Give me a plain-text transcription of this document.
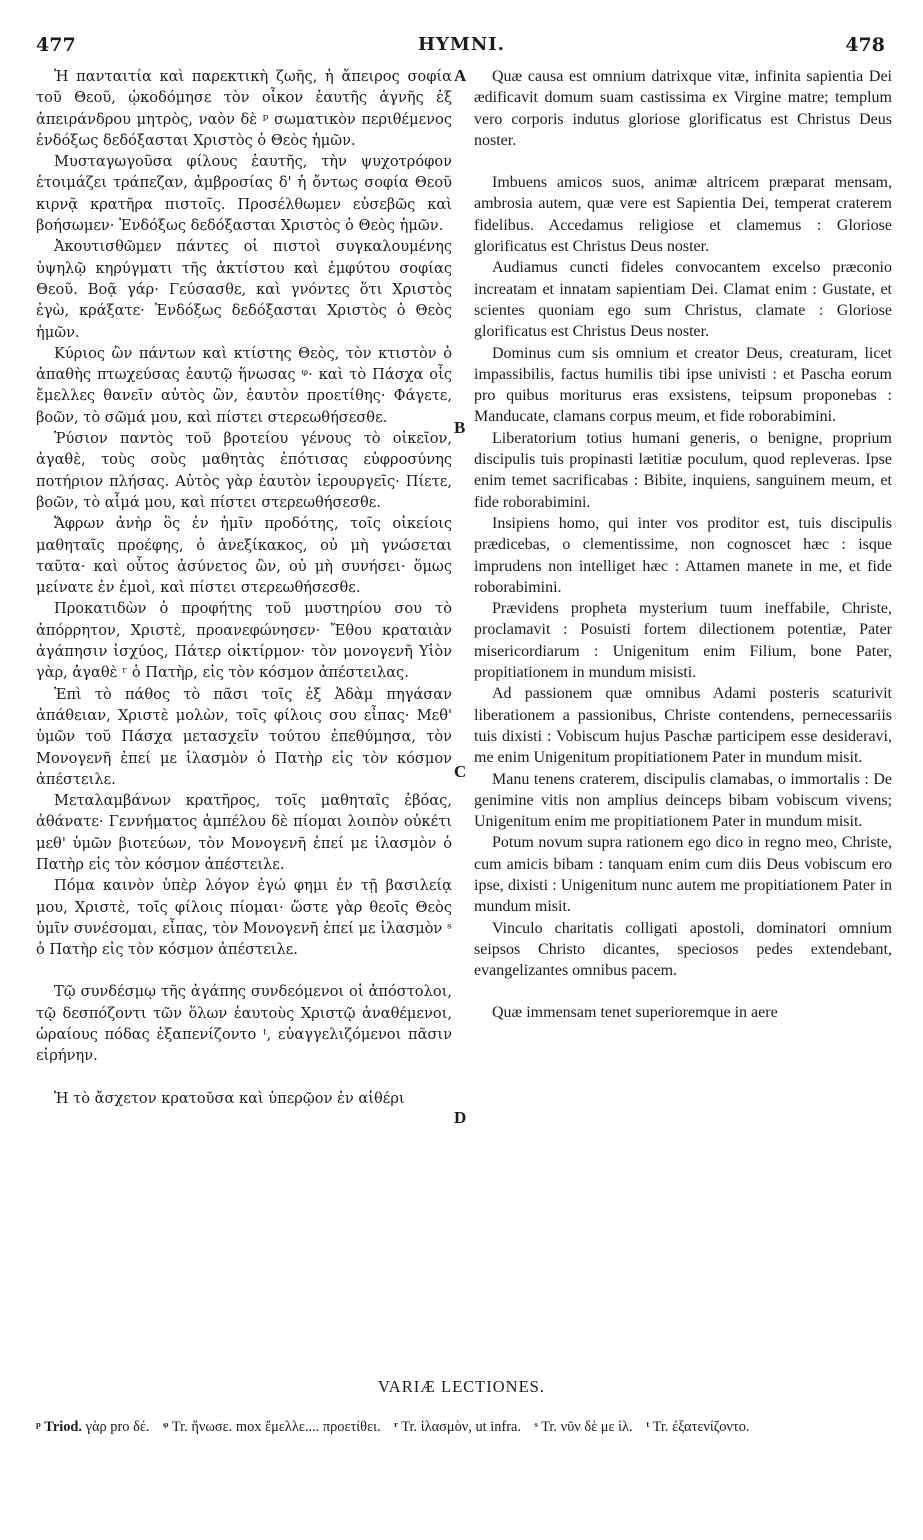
477	HYMNI.	478
A
B
C
D

Ἡ πανταιτία καὶ παρεκτικὴ ζωῆς, ἡ ἄπειρος σοφία τοῦ Θεοῦ, ᾠκοδόμησε τὸν οἶκον ἑαυτῆς ἁγνῆς ἐξ ἀπειράνδρου μητρὸς, ναὸν δὲ ᵖ σωματικὸν περιθέμενος ἐνδόξως δεδόξασται Χριστὸς ὁ Θεὸς ἡμῶν.

Μυσταγωγοῦσα φίλους ἑαυτῆς, τὴν ψυχοτρόφον ἑτοιμάζει τράπεζαν, ἀμβροσίας δ' ἡ ὄντως σοφία Θεοῦ κιρνᾷ κρατῆρα πιστοῖς. Προσέλθωμεν εὐσεβῶς καὶ βοήσωμεν· Ἐνδόξως δεδόξασται Χριστὸς ὁ Θεὸς ἡμῶν.

Ἀκουτισθῶμεν πάντες οἱ πιστοὶ συγκαλουμένης ὑψηλῷ κηρύγματι τῆς ἀκτίστου καὶ ἐμφύτου σοφίας Θεοῦ. Βοᾷ γάρ· Γεύσασθε, καὶ γνόντες ὅτι Χριστὸς ἐγὼ, κράξατε· Ἐνδόξως δεδόξασται Χριστὸς ὁ Θεὸς ἡμῶν.

Κύριος ὢν πάντων καὶ κτίστης Θεὸς, τὸν κτιστὸν ὁ ἀπαθὴς πτωχεύσας ἑαυτῷ ἥνωσας ᵠ· καὶ τὸ Πάσχα οἷς ἔμελλες θανεῖν αὐτὸς ὢν, ἑαυτὸν προετίθης· Φάγετε, βοῶν, τὸ σῶμά μου, καὶ πίστει στερεωθήσεσθε.

Ῥύσιον παντὸς τοῦ βροτείου γένους τὸ οἰκεῖον, ἀγαθὲ, τοὺς σοὺς μαθητὰς ἐπότισας εὐφροσύνης ποτήριον πλήσας. Αὐτὸς γὰρ ἑαυτὸν ἱερουργεῖς· Πίετε, βοῶν, τὸ αἷμά μου, καὶ πίστει στερεωθήσεσθε.

Ἄφρων ἀνὴρ ὃς ἐν ἡμῖν προδότης, τοῖς οἰκείοις μαθηταῖς προέφης, ὁ ἀνεξίκακος, οὐ μὴ γνώσεται ταῦτα· καὶ οὗτος ἀσύνετος ὢν, οὐ μὴ συνήσει· ὅμως μείνατε ἐν ἐμοὶ, καὶ πίστει στερεωθήσεσθε.

Προκατιδὼν ὁ προφήτης τοῦ μυστηρίου σου τὸ ἀπόρρητον, Χριστὲ, προανεφώνησεν· Ἔθου κραταιὰν ἀγάπησιν ἰσχύος, Πάτερ οἰκτίρμον· τὸν μονογενῆ Υἱὸν γὰρ, ἀγαθὲ ʳ ὁ Πατὴρ, εἰς τὸν κόσμον ἀπέστειλας.

Ἐπὶ τὸ πάθος τὸ πᾶσι τοῖς ἐξ Ἀδὰμ πηγάσαν ἀπάθειαν, Χριστὲ μολὼν, τοῖς φίλοις σου εἶπας· Μεθ' ὑμῶν τοῦ Πάσχα μετασχεῖν τούτου ἐπεθύμησα, τὸν Μονογενῆ ἐπεί με ἱλασμὸν ὁ Πατὴρ εἰς τὸν κόσμον ἀπέστειλε.

Μεταλαμβάνων κρατῆρος, τοῖς μαθηταῖς ἐβόας, ἀθάνατε· Γεννήματος ἀμπέλου δὲ πίομαι λοιπὸν οὐκέτι μεθ' ὑμῶν βιοτεύων, τὸν Μονογενῆ ἐπεί με ἱλασμὸν ὁ Πατὴρ εἰς τὸν κόσμον ἀπέστειλε.

Πόμα καινὸν ὑπὲρ λόγον ἐγώ φημι ἐν τῇ βασιλείᾳ μου, Χριστὲ, τοῖς φίλοις πίομαι· ὥστε γὰρ θεοῖς Θεὸς ὑμῖν συνέσομαι, εἶπας, τὸν Μονογενῆ ἐπεί με ἱλασμὸν ˢ ὁ Πατὴρ εἰς τὸν κόσμον ἀπέστειλε.

Τῷ συνδέσμῳ τῆς ἀγάπης συνδεόμενοι οἱ ἀπόστολοι, τῷ δεσπόζοντι τῶν ὅλων ἑαυτοὺς Χριστῷ ἀναθέμενοι, ὡραίους πόδας ἐξαπενίζοντο ᵗ, εὐαγγελιζόμενοι πᾶσιν εἰρήνην.

Ἡ τὸ ἄσχετον κρατοῦσα καὶ ὑπερῷον ἐν αἰθέρι

Quæ causa est omnium datrixque vitæ, infinita sapientia Dei ædificavit domum suam castissima ex Virgine matre; templum vero corporis indutus gloriose glorificatus est Christus Deus noster.

Imbuens amicos suos, animæ altricem præparat mensam, ambrosia autem, quæ vere est Sapientia Dei, temperat craterem fidelibus. Accedamus religiose et clamemus : Gloriose glorificatus est Christus Deus noster.

Audiamus cuncti fideles convocantem excelso præconio increatam et innatam sapientiam Dei. Clamat enim : Gustate, et scientes quoniam ego sum Christus, clamate : Gloriose glorificatus est Christus Deus noster.

Dominus cum sis omnium et creator Deus, creaturam, licet impassibilis, factus humilis tibi ipse univisti : et Pascha eorum pro quibus moriturus eras exsistens, teipsum proponebas : Manducate, clamans corpus meum, et fide roborabimini.

Liberatorium totius humani generis, o benigne, proprium discipulis tuis propinasti lætitiæ poculum, quod repleveras. Ipse enim temet sacrificabas : Bibite, inquiens, sanguinem meum, et fide roborabimini.

Insipiens homo, qui inter vos proditor est, tuis discipulis prædicebas, o clementissime, non cognoscet hæc : isque imprudens non intelliget hæc : Attamen manete in me, et fide roborabimini.

Prævidens propheta mysterium tuum ineffabile, Christe, proclamavit : Posuisti fortem dilectionem potentiæ, Pater misericordiarum : Unigenitum enim Filium, bone Pater, propitiationem in mundum misisti.

Ad passionem quæ omnibus Adami posteris scaturivit liberationem a passionibus, Christe contendens, pernecessariis tuis dixisti : Vobiscum hujus Paschæ participem esse desideravi, me enim Unigenitum propitiationem Pater in mundum misit.

Manu tenens craterem, discipulis clamabas, o immortalis : De genimine vitis non amplius deinceps bibam vobiscum vivens; Unigenitum enim me propitiationem Pater in mundum misit.

Potum novum supra rationem ego dico in regno meo, Christe, cum amicis bibam : tanquam enim cum diis Deus vobiscum ero ipse, dixisti : Unigenitum nunc autem me propitiationem Pater in mundum misit.

Vinculo charitatis colligati apostoli, dominatori omnium seipsos Christo dicantes, speciosos pedes extendebant, evangelizantes omnibus pacem.

Quæ immensam tenet superioremque in aere

VARIÆ LECTIONES.
ᵖ Triod. γὰρ pro δέ. ᵠ Tr. ἥνωσε. mox ἔμελλε.... προετίθει. ʳ Tr. ἱλασμὸν, ut infra. ˢ Tr. νῦν δὲ με ἱλ. ᵗ Tr. ἐξατενίζοντο.
